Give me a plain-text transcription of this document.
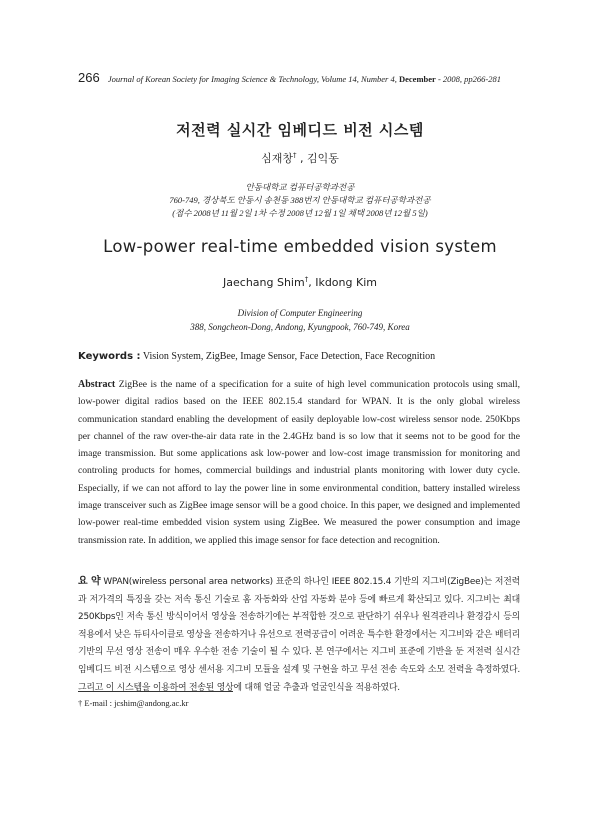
266 Journal of Korean Society for Imaging Science & Technology, Volume 14, Number 4, December - 2008, pp266-281
저전력 실시간 임베디드 비전 시스템
심재창† , 김익동
안동대학교 컴퓨터공학과전공
760-749, 경상북도 안동시 송천동 388번지 안동대학교 컴퓨터공학과전공
(접수 2008년 11월 2일 1차 수정 2008년 12월 1일 채택 2008년 12월 5일)
Low-power real-time embedded vision system
Jaechang Shim†, Ikdong Kim
Division of Computer Engineering
388, Songcheon-Dong, Andong, Kyungpook, 760-749, Korea
Keywords : Vision System, ZigBee, Image Sensor, Face Detection, Face Recognition
Abstract ZigBee is the name of a specification for a suite of high level communication protocols using small, low-power digital radios based on the IEEE 802.15.4 standard for WPAN. It is the only global wireless communication standard enabling the development of easily deployable low-cost wireless sensor node. 250Kbps per channel of the raw over-the-air data rate in the 2.4GHz band is so low that it seems not to be good for the image transmission. But some applications ask low-power and low-cost image transmission for monitoring and controling products for homes, commercial buildings and industrial plants monitoring with lower duty cycle. Especially, if we can not afford to lay the power line in some environmental condition, battery installed wireless image transceiver such as ZigBee image sensor will be a good choice. In this paper, we designed and implemented low-power real-time embedded vision system using ZigBee. We measured the power consumption and image transmission rate. In addition, we applied this image sensor for face detection and recognition.
요 약 WPAN(wireless personal area networks) 표준의 하나인 IEEE 802.15.4 기반의 지그비(ZigBee)는 저전력과 저가격의 특징을 갖는 저속 통신 기술로 홈 자동화와 산업 자동화 분야 등에 빠르게 확산되고 있다. 지그비는 최대 250Kbps인 저속 통신 방식이어서 영상을 전송하기에는 부적합한 것으로 판단하기 쉬우나 원격관리나 환경감시 등의 적용에서 낮은 듀티사이클로 영상을 전송하거나 유선으로 전력공급이 어려운 특수한 환경에서는 지그비와 같은 배터리 기반의 무선 영상 전송이 매우 우수한 전송 기술이 될 수 있다. 본 연구에서는 지그비 표준에 기반을 둔 저전력 실시간 임베디드 비전 시스템으로 영상 센서용 지그비 모듈을 설계 및 구현을 하고 무선 전송 속도와 소모 전력을 측정하였다. 그리고 이 시스템을 이용하여 전송된 영상에 대해 얼굴 추출과 얼굴인식을 적용하였다.
† E-mail : jcshim@andong.ac.kr
